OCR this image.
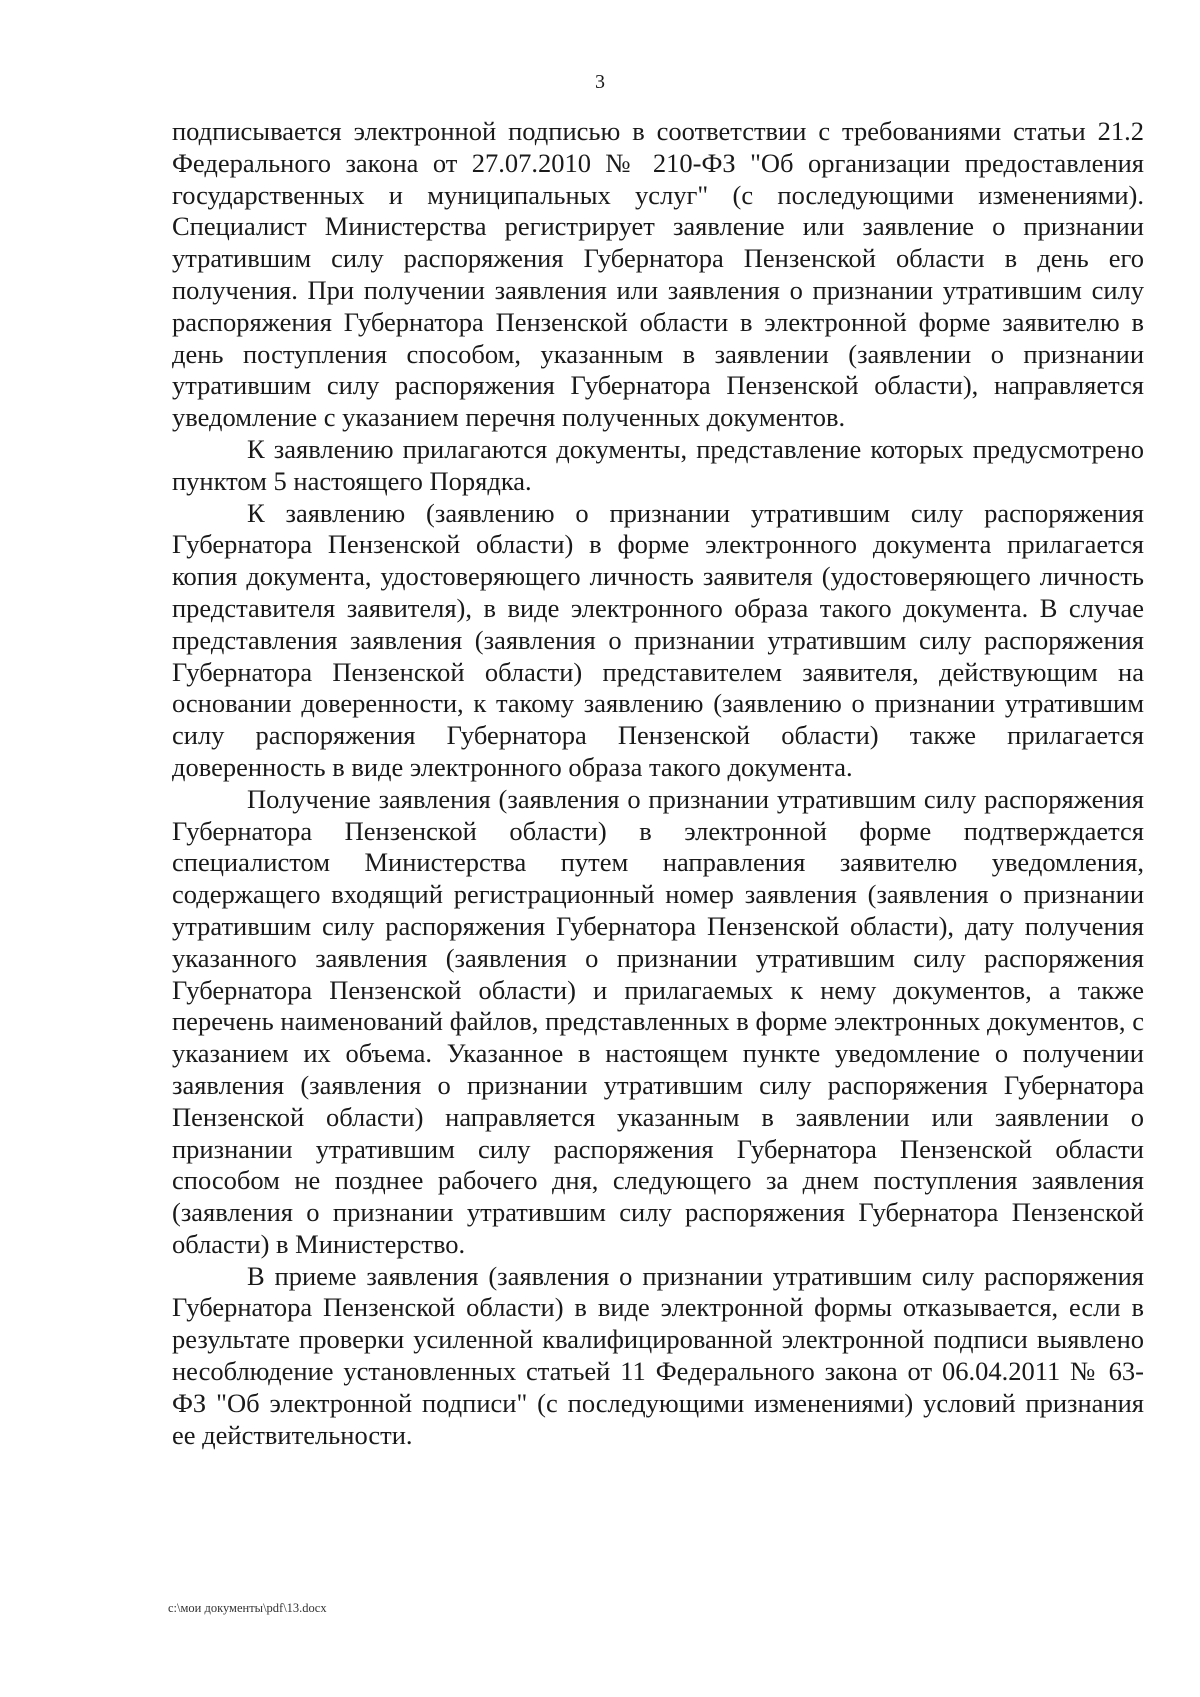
3

подписывается электронной подписью в соответствии с требованиями статьи 21.2 Федерального закона от 27.07.2010 № 210-ФЗ "Об организации предоставления государственных и муниципальных услуг" (с последующими изменениями). Специалист Министерства регистрирует заявление или заявление о признании утратившим силу распоряжения Губернатора Пензенской области в день его получения. При получении заявления или заявления о признании утратившим силу распоряжения Губернатора Пензенской области в электронной форме заявителю в день поступления способом, указанным в заявлении (заявлении о признании утратившим силу распоряжения Губернатора Пензенской области), направляется уведомление с указанием перечня полученных документов.

К заявлению прилагаются документы, представление которых предусмотрено пунктом 5 настоящего Порядка.

К заявлению (заявлению о признании утратившим силу распоряжения Губернатора Пензенской области) в форме электронного документа прилагается копия документа, удостоверяющего личность заявителя (удостоверяющего личность представителя заявителя), в виде электронного образа такого документа. В случае представления заявления (заявления о признании утратившим силу распоряжения Губернатора Пензенской области) представителем заявителя, действующим на основании доверенности, к такому заявлению (заявлению о признании утратившим силу распоряжения Губернатора Пензенской области) также прилагается доверенность в виде электронного образа такого документа.

Получение заявления (заявления о признании утратившим силу распоряжения Губернатора Пензенской области) в электронной форме подтверждается специалистом Министерства путем направления заявителю уведомления, содержащего входящий регистрационный номер заявления (заявления о признании утратившим силу распоряжения Губернатора Пензенской области), дату получения указанного заявления (заявления о признании утратившим силу распоряжения Губернатора Пензенской области) и прилагаемых к нему документов, а также перечень наименований файлов, представленных в форме электронных документов, с указанием их объема. Указанное в настоящем пункте уведомление о получении заявления (заявления о признании утратившим силу распоряжения Губернатора Пензенской области) направляется указанным в заявлении или заявлении о признании утратившим силу распоряжения Губернатора Пензенской области способом не позднее рабочего дня, следующего за днем поступления заявления (заявления о признании утратившим силу распоряжения Губернатора Пензенской области) в Министерство.

В приеме заявления (заявления о признании утратившим силу распоряжения Губернатора Пензенской области) в виде электронной формы отказывается, если в результате проверки усиленной квалифицированной электронной подписи выявлено несоблюдение установленных статьей 11 Федерального закона от 06.04.2011 № 63-ФЗ "Об электронной подписи" (с последующими изменениями) условий признания ее действительности.

c:\мои документы\pdf\13.docx
